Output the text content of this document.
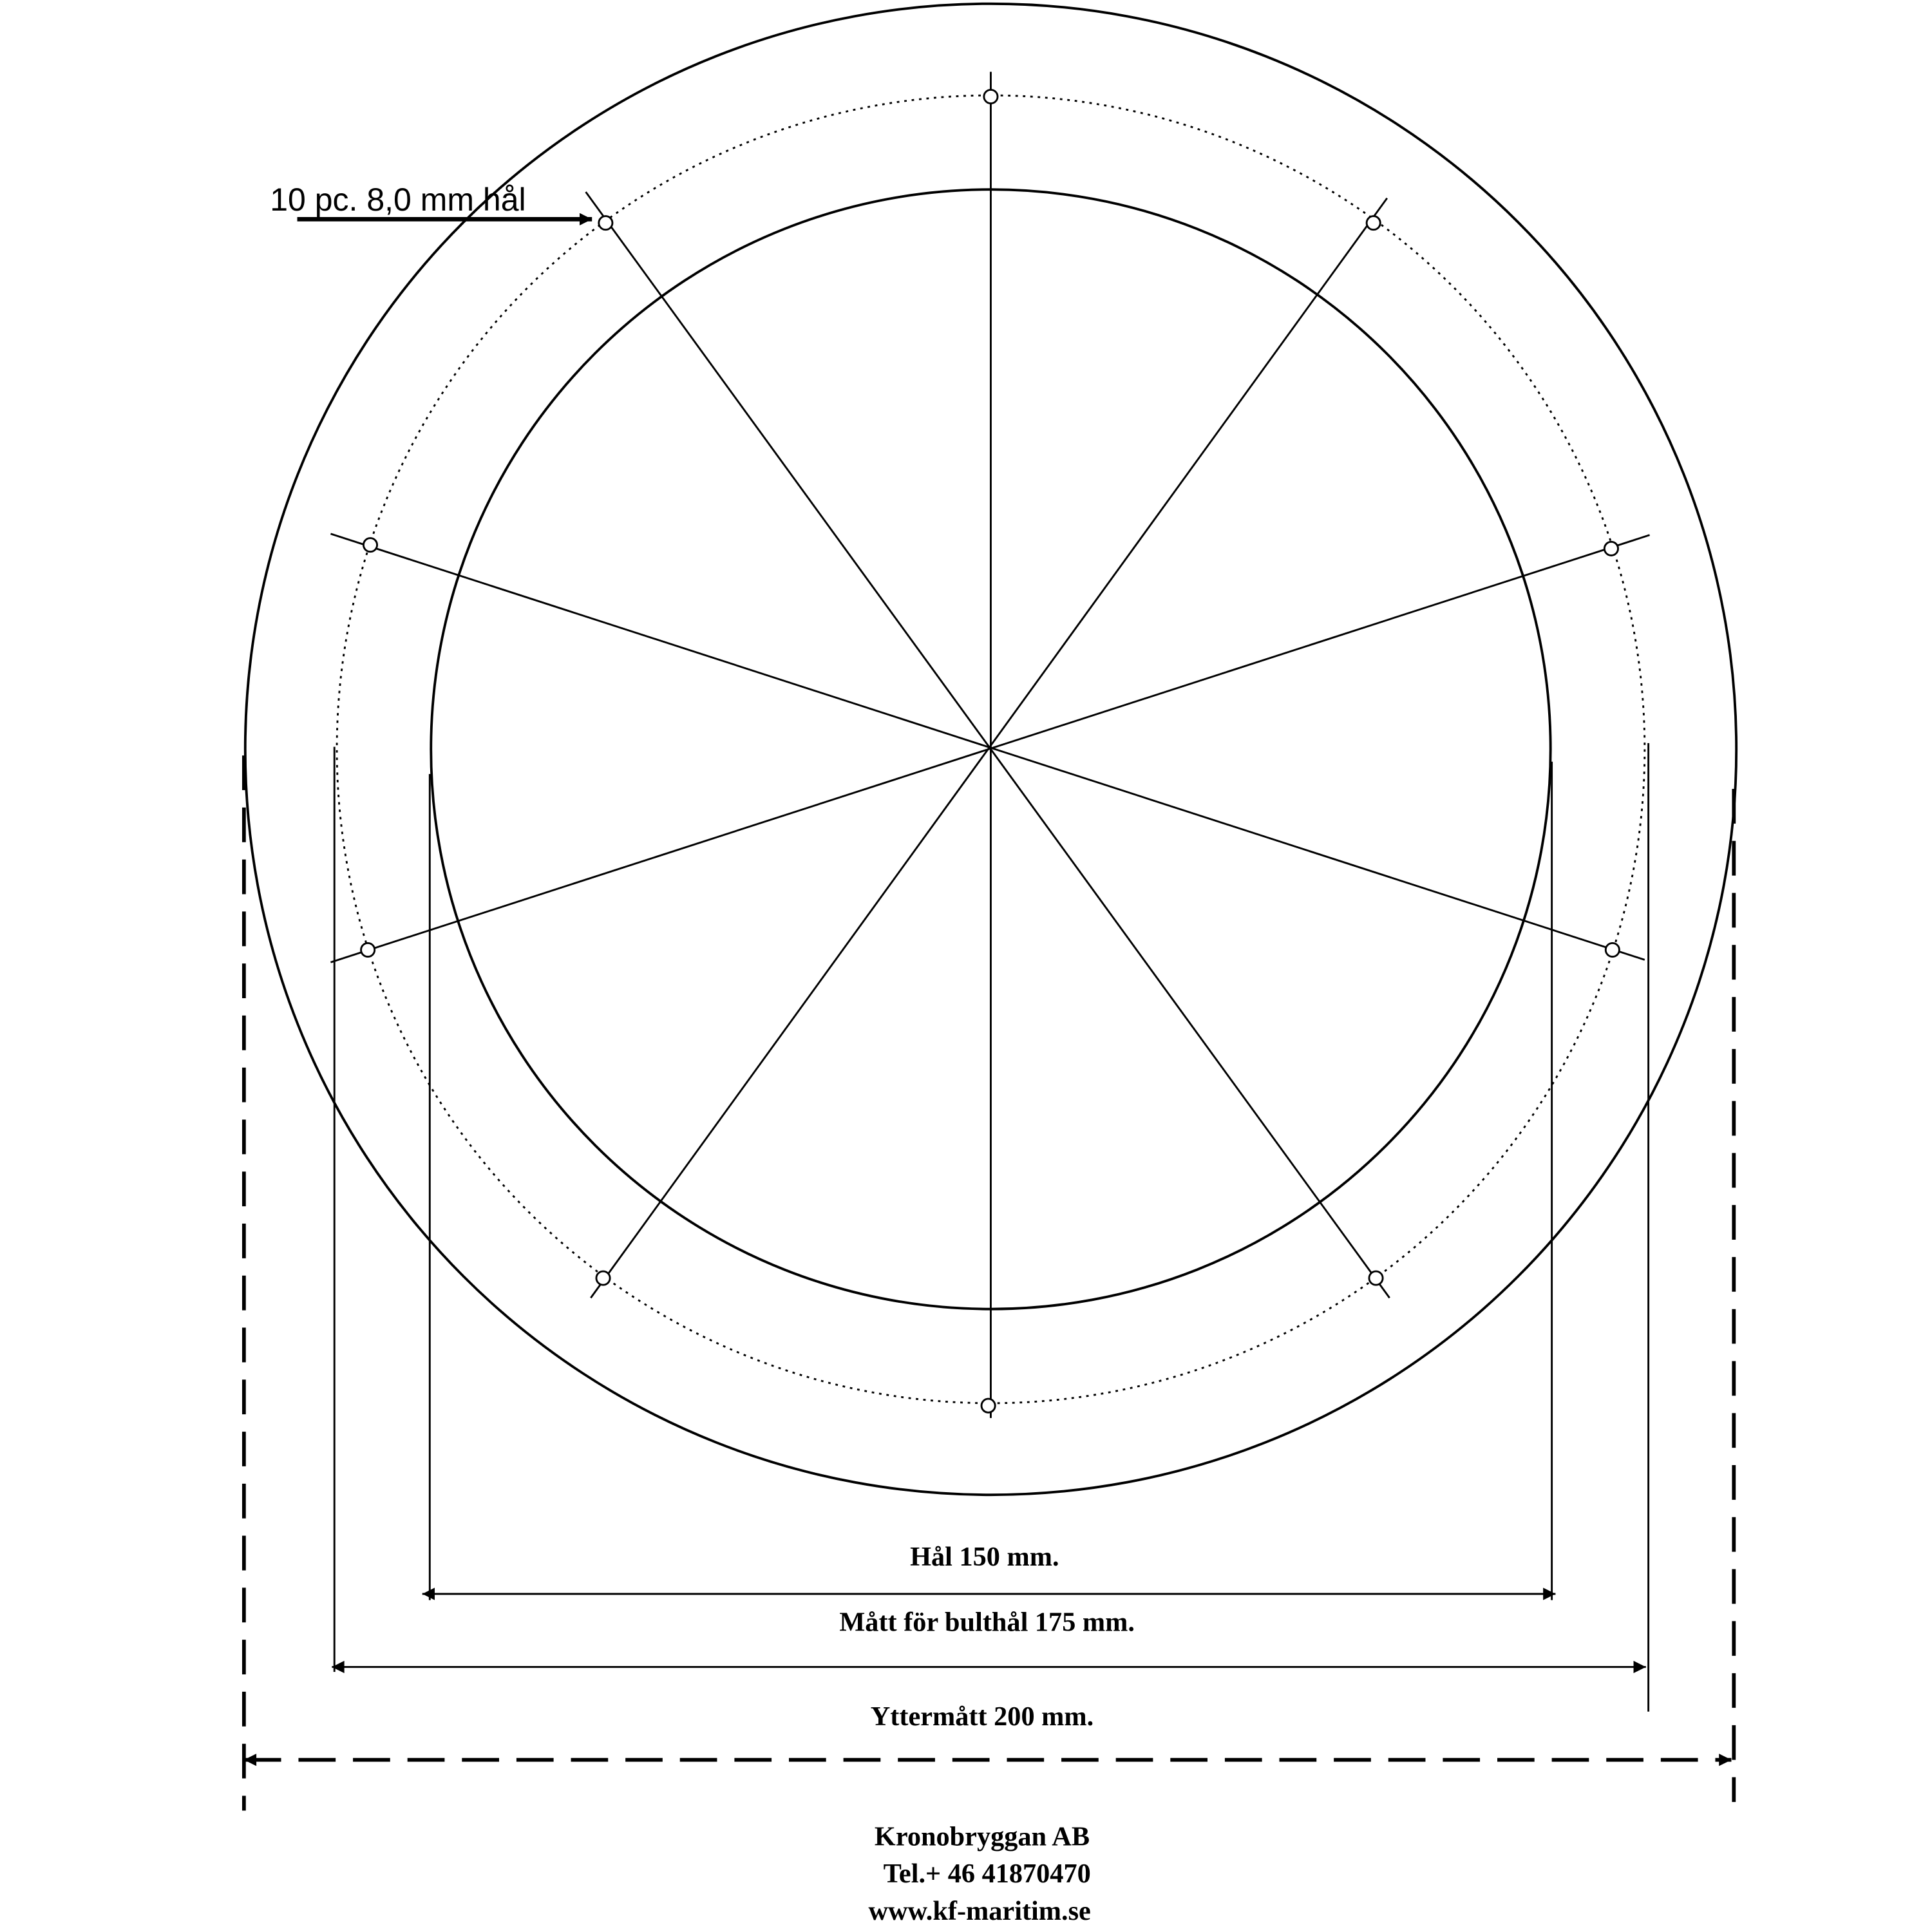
10 pc. 8,0 mm hål
Hål 150 mm.
Mått för bulthål 175 mm.
Yttermått 200 mm.
Kronobryggan AB
Tel.+ 46 41870470
www.kf-maritim.se
